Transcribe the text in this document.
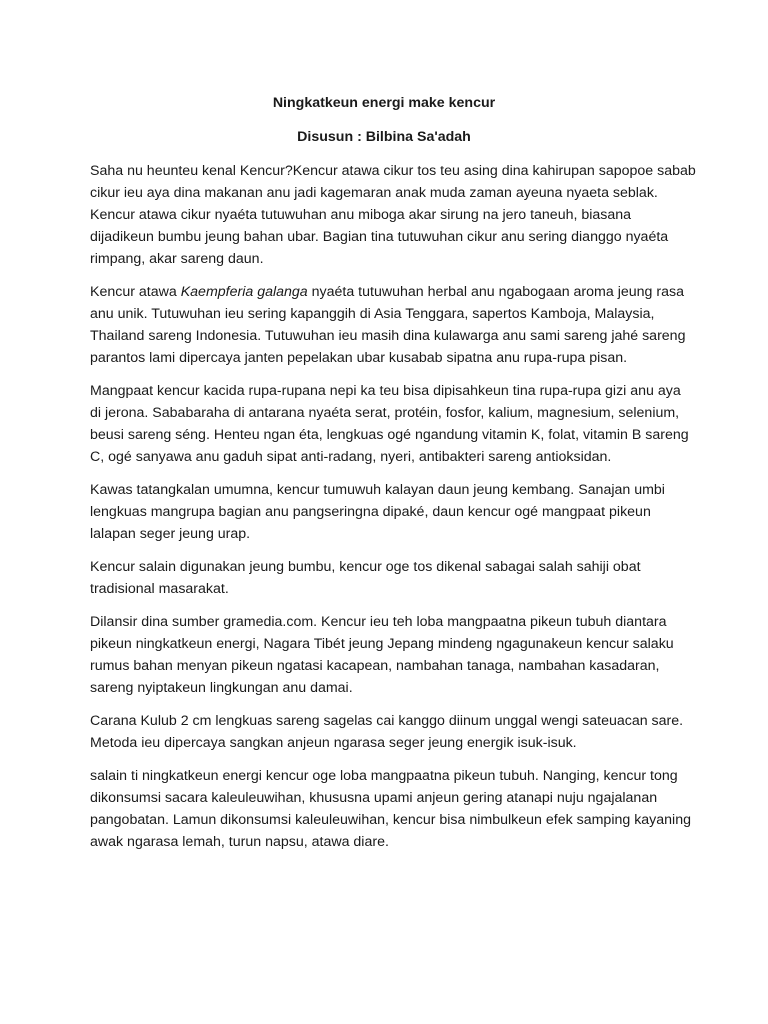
Ningkatkeun energi make kencur
Disusun : Bilbina Sa'adah
Saha nu heunteu kenal Kencur?Kencur atawa cikur tos teu asing dina kahirupan sapopoe sabab
cikur ieu aya dina makanan anu jadi kagemaran anak muda zaman ayeuna nyaeta seblak.
Kencur atawa cikur nyaéta tutuwuhan anu miboga akar sirung na jero taneuh, biasana
dijadikeun bumbu jeung bahan ubar. Bagian tina tutuwuhan cikur anu sering dianggo nyaéta
rimpang, akar sareng daun.
Kencur atawa Kaempferia galanga nyaéta tutuwuhan herbal anu ngabogaan aroma jeung rasa
anu unik. Tutuwuhan ieu sering kapanggih di Asia Tenggara, sapertos Kamboja, Malaysia,
Thailand sareng Indonesia. Tutuwuhan ieu masih dina kulawarga anu sami sareng jahé sareng
parantos lami dipercaya janten pepelakan ubar kusabab sipatna anu rupa-rupa pisan.
Mangpaat kencur kacida rupa-rupana nepi ka teu bisa dipisahkeun tina rupa-rupa gizi anu aya
di jerona. Sababaraha di antarana nyaéta serat, protéin, fosfor, kalium, magnesium, selenium,
beusi sareng séng. Henteu ngan éta, lengkuas ogé ngandung vitamin K, folat, vitamin B sareng
C, ogé sanyawa anu gaduh sipat anti-radang, nyeri, antibakteri sareng antioksidan.
Kawas tatangkalan umumna, kencur tumuwuh kalayan daun jeung kembang. Sanajan umbi
lengkuas mangrupa bagian anu pangseringna dipaké, daun kencur ogé mangpaat pikeun
lalapan seger jeung urap.
Kencur salain digunakan jeung bumbu, kencur oge tos dikenal sabagai salah sahiji obat
tradisional masarakat.
Dilansir dina sumber gramedia.com. Kencur ieu teh loba mangpaatna pikeun tubuh diantara
pikeun ningkatkeun energi, Nagara Tibét jeung Jepang mindeng ngagunakeun kencur salaku
rumus bahan menyan pikeun ngatasi kacapean, nambahan tanaga, nambahan kasadaran,
sareng nyiptakeun lingkungan anu damai.
Carana Kulub 2 cm lengkuas sareng sagelas cai kanggo diinum unggal wengi sateuacan sare.
Metoda ieu dipercaya sangkan anjeun ngarasa seger jeung energik isuk-isuk.
salain ti ningkatkeun energi kencur oge loba mangpaatna pikeun tubuh. Nanging, kencur tong
dikonsumsi sacara kaleuleuwihan, khususna upami anjeun gering atanapi nuju ngajalanan
pangobatan. Lamun dikonsumsi kaleuleuwihan, kencur bisa nimbulkeun efek samping kayaning
awak ngarasa lemah, turun napsu, atawa diare.
